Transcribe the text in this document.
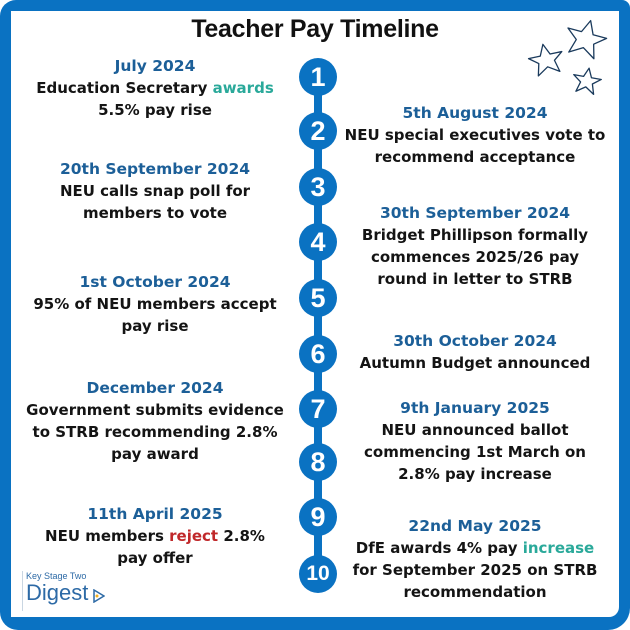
Teacher Pay Timeline
1
2
3
4
5
6
7
8
9
10
July 2024
Education Secretary awards
5.5% pay rise	5th August 2024
NEU special executives vote to
recommend acceptance
20th September 2024
NEU calls snap poll for
members to vote	30th September 2024
Bridget Phillipson formally
commences 2025/26 pay
round in letter to STRB
1st October 2024
95% of NEU members accept
pay rise
30th October 2024
Autumn Budget announced
December 2024
Government submits evidence
to STRB recommending 2.8%
pay award
9th January 2025
NEU announced ballot
commencing 1st March on
2.8% pay increase
11th April 2025
NEU members reject 2.8%
pay offer
22nd May 2025
DfE awards 4% pay increase
for September 2025 on STRB
recommendation
Key Stage Two
Digest
